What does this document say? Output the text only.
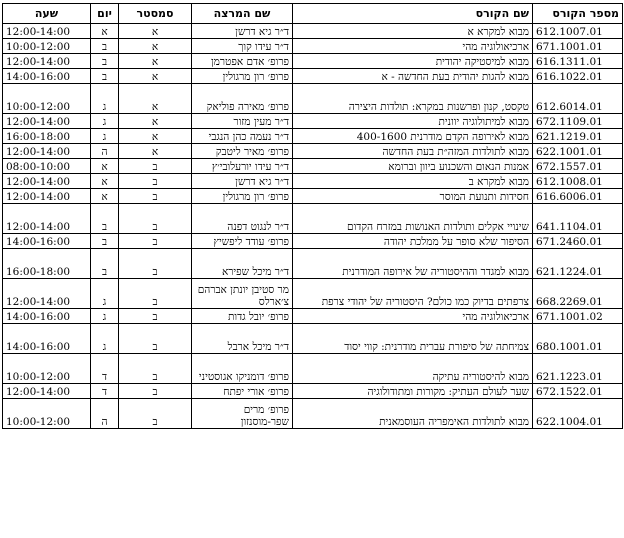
מספר הקורס	שם הקורס	שם המרצה	סמסטר	יום	שעה
612.1007.01	מבוא למקרא א	ד״ר גיא דרשן	א	א	12:00-14:00
671.1001.01	ארכיאולוגיה מהי	ד״ר עידו קוך	א	ב	10:00-12:00
616.1311.01	מבוא למיסטיקה יהודית	פרופ׳ אדם אפטרמן	א	ב	12:00-14:00
616.1022.01	מבוא להגות יהודית בעת החדשה - א	פרופ׳ רון מרגולין	א	ב	14:00-16:00
612.6014.01	טקסט, קנון ופרשנות במקרא: תולדות היצירה	פרופ׳ מאירה פוליאק	א	ג	10:00-12:00
672.1109.01	מבוא למיתולוגיה יוונית	ד״ר מעין מזור	א	ג	12:00-14:00
621.1219.01	מבוא לאירופה הקדם מודרנית 400-1600	ד״ר נעמה כהן הנגבי	א	ג	16:00-18:00
622.1001.01	מבוא לתולדות המזה״ת בעת החדשה	פרופ׳ מאיר ליטבק	א	ה	12:00-14:00
672.1557.01	אמנות הנאום והשכנוע ביוון וברומא	ד״ר עידו יורעלובי׳ץ	ב	א	08:00-10:00
612.1008.01	מבוא למקרא ב	ד״ר גיא דרשן	ב	א	12:00-14:00
616.6006.01	חסידות ותנועת המוסר	פרופ׳ רון מרגולין	ב	א	12:00-14:00
641.1104.01	שינויי אקלים ותולדות האנושות במזרח הקדום	ד״ר לנגוט דפנה	ב	ב	12:00-14:00
671.2460.01	הסיפור שלא סופר על ממלכת יהודה	פרופ׳ עודד ליפשיץ	ב	ב	14:00-16:00
621.1224.01	מבוא למגדר וההיסטוריה של אירופה המודרנית	ד״ר מיכל שפירא	ב	ב	16:00-18:00
668.2269.01	צרפתים בדיוק כמו כולם? היסטוריה של יהודי צרפת	מר סטיבן יונתן אברהם צ׳ארלס	ב	ג	12:00-14:00
671.1001.02	ארכיאולוגיה מהי	פרופ׳ יובל גדות	ב	ג	14:00-16:00
680.1001.01	צמיחתה של סיפורת עברית מודרנית: קווי יסוד	ד״ר מיכל ארבל	ב	ג	14:00-16:00
621.1223.01	מבוא להיסטוריה עתיקה	פרופ׳ דומניקו אגוסטיני	ב	ד	10:00-12:00
672.1522.01	שער לעולם העתיק: מקורות ומתודולוגיה	פרופ׳ אורי יפתח	ב	ד	12:00-14:00
622.1004.01	מבוא לתולדות האימפריה העוסמאנית	פרופ׳ מרים שפר-מוסנזון	ב	ה	10:00-12:00
